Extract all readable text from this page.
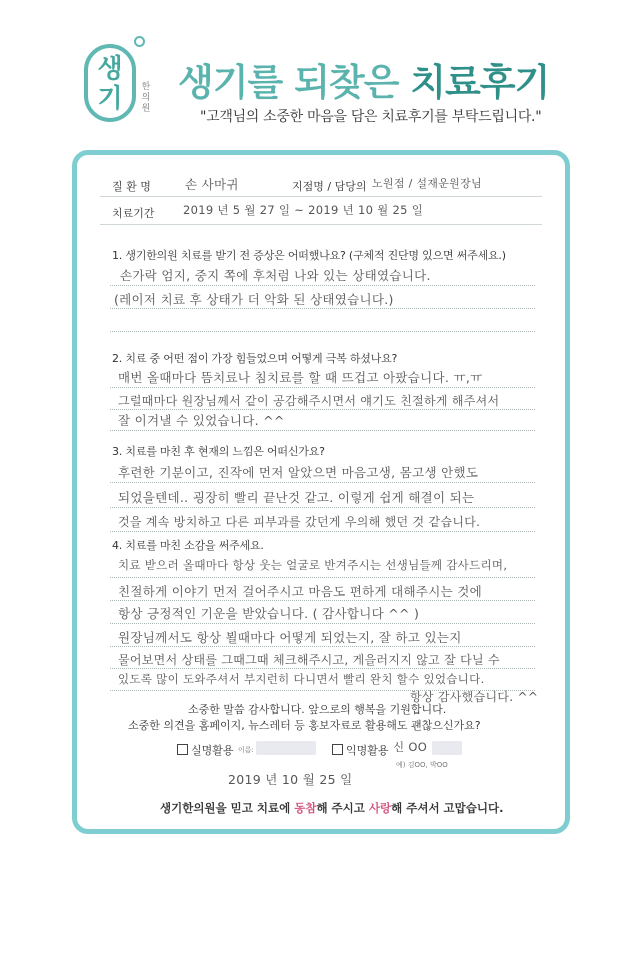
생
기	한의원
생기를 되찾은 치료후기
"고객님의 소중한 마음을 담은 치료후기를 부탁드립니다."
질 환 명	손 사마귀	지점명 / 담당의 노원점 / 설재운원장님
치료기간 2019 년 5 월 27 일 ~ 2019 년 10 월 25 일
1. 생기한의원 치료를 받기 전 증상은 어떠했나요? (구체적 진단명 있으면 써주세요.)
손가락 엄지, 중지 쪽에 후처럼 나와 있는 상태였습니다.
(레이저 치료 후 상태가 더 악화 된 상태였습니다.)
2. 치료 중 어떤 점이 가장 힘들었으며 어떻게 극복 하셨나요?
매번 올때마다 뜸치료나 침치료를 할 때 뜨겁고 아팠습니다. ㅠ,ㅠ
그럴때마다 원장님께서 같이 공감해주시면서 얘기도 친절하게 해주셔서
잘 이겨낼 수 있었습니다. ^^
3. 치료를 마친 후 현재의 느낌은 어떠신가요?
후련한 기분이고, 진작에 먼저 알았으면 마음고생, 몸고생 안했도
되었을텐데.. 굉장히 빨리 끝난것 같고. 이렇게 쉽게 해결이 되는
것을 계속 방치하고 다른 피부과를 갔던게 우의해 했던 것 같습니다.
4. 치료를 마친 소감을 써주세요.
치료 받으러 올때마다 항상 웃는 얼굴로 반겨주시는 선생님들께 감사드리며,
친절하게 이야기 먼저 걸어주시고 마음도 편하게 대해주시는 것에
항상 긍정적인 기운을 받았습니다. ( 감사합니다 ^^ )
원장님께서도 항상 뵐때마다 어떻게 되었는지, 잘 하고 있는지
물어보면서 상태를 그때그때 체크해주시고, 게을러지지 않고 잘 다닐 수
있도록 많이 도와주셔서 부지런히 다니면서 빨리 완치 할수 있었습니다.
항상 감사했습니다. ^^
소중한 말씀 감사합니다. 앞으로의 행복을 기원합니다.
소중한 의견을 홈페이지, 뉴스레터 등 홍보자료로 활용해도 괜찮으신가요?
실명활용 이름:	익명활용 신 OO
예) 김OO, 박OO
2019 년 10 월 25 일
생기한의원을 믿고 치료에 동참해 주시고 사랑해 주셔서 고맙습니다.
